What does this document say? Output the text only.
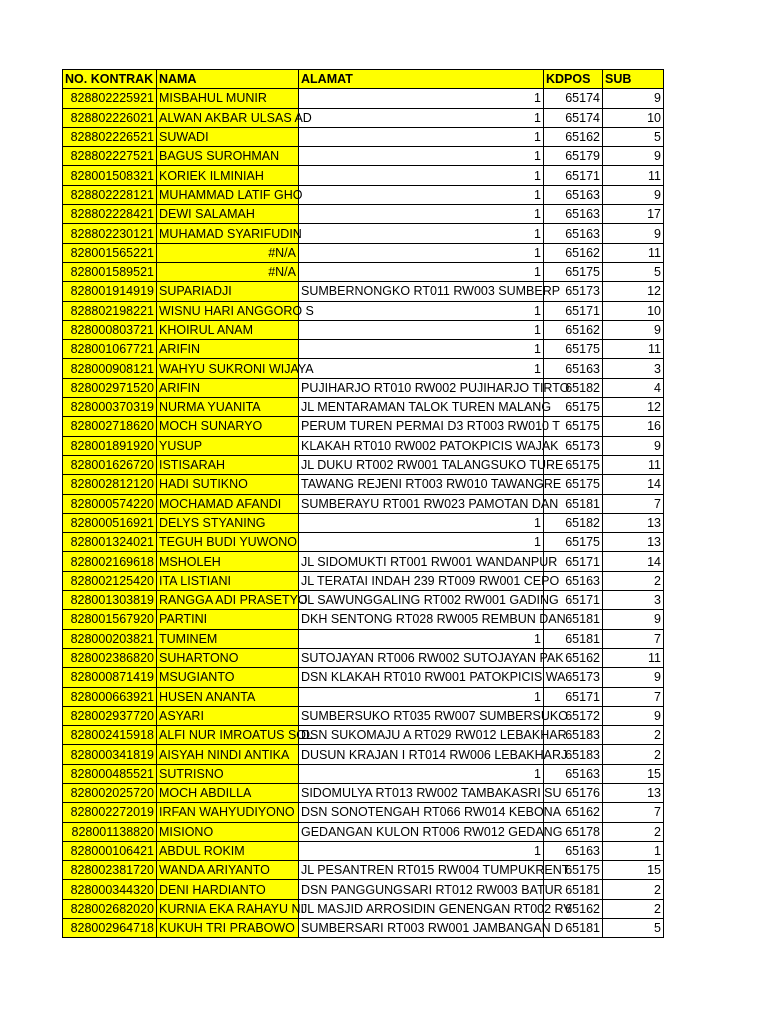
NO. KONTRAK	NAMA	ALAMAT	KDPOS	SUB
828802225921	MISBAHUL MUNIR	1	65174	9
828802226021	ALWAN AKBAR ULSAS AD	1	65174	10
828802226521	SUWADI	1	65162	5
828802227521	BAGUS SUROHMAN	1	65179	9
828001508321	KORIEK ILMINIAH	1	65171	11
828802228121	MUHAMMAD LATIF GHO	1	65163	9
828802228421	DEWI SALAMAH	1	65163	17
828802230121	MUHAMAD SYARIFUDIN	1	65163	9
828001565221	#N/A	1	65162	11
828001589521	#N/A	1	65175	5
828001914919	SUPARIADJI	SUMBERNONGKO RT011 RW003 SUMBERP	65173	12
828802198221	WISNU HARI ANGGORO S	1	65171	10
828000803721	KHOIRUL ANAM	1	65162	9
828001067721	ARIFIN	1	65175	11
828000908121	WAHYU SUKRONI WIJAYA	1	65163	3
828002971520	ARIFIN	PUJIHARJO RT010 RW002 PUJIHARJO TIRTO	65182	4
828000370319	NURMA YUANITA	JL MENTARAMAN TALOK TUREN MALANG	65175	12
828002718620	MOCH SUNARYO	PERUM TUREN PERMAI D3 RT003 RW010 T	65175	16
828001891920	YUSUP	KLAKAH RT010 RW002 PATOKPICIS WAJAK	65173	9
828001626720	ISTISARAH	JL DUKU RT002 RW001 TALANGSUKO TURE	65175	11
828002812120	HADI SUTIKNO	TAWANG REJENI RT003 RW010 TAWANGRE	65175	14
828000574220	MOCHAMAD AFANDI	SUMBERAYU RT001 RW023 PAMOTAN DAN	65181	7
828000516921	DELYS STYANING	1	65182	13
828001324021	TEGUH BUDI YUWONO	1	65175	13
828002169618	MSHOLEH	JL SIDOMUKTI RT001 RW001 WANDANPUR	65171	14
828002125420	ITA LISTIANI	JL TERATAI INDAH 239 RT009 RW001 CEPO	65163	2
828001303819	RANGGA ADI PRASETYO	JL SAWUNGGALING RT002 RW001 GADING	65171	3
828001567920	PARTINI	DKH SENTONG RT028 RW005 REMBUN DAN	65181	9
828000203821	TUMINEM	1	65181	7
828002386820	SUHARTONO	SUTOJAYAN RT006 RW002 SUTOJAYAN PAK	65162	11
828000871419	MSUGIANTO	DSN KLAKAH RT010 RW001 PATOKPICIS WA	65173	9
828000663921	HUSEN ANANTA	1	65171	7
828002937720	ASYARI	SUMBERSUKO RT035 RW007 SUMBERSUKO	65172	9
828002415918	ALFI NUR IMROATUS SOL	DSN SUKOMAJU A RT029 RW012 LEBAKHAR	65183	2
828000341819	AISYAH NINDI ANTIKA	DUSUN KRAJAN I RT014 RW006 LEBAKHARJ	65183	2
828000485521	SUTRISNO	1	65163	15
828002025720	MOCH ABDILLA	SIDOMULYA RT013 RW002 TAMBAKASRI SU	65176	13
828002272019	IRFAN WAHYUDIYONO	DSN SONOTENGAH RT066 RW014 KEBONA	65162	7
828001138820	MISIONO	GEDANGAN KULON RT006 RW012 GEDANG	65178	2
828000106421	ABDUL ROKIM	1	65163	1
828002381720	WANDA ARIYANTO	JL PESANTREN RT015 RW004 TUMPUKRENT	65175	15
828000344320	DENI HARDIANTO	DSN PANGGUNGSARI RT012 RW003 BATUR	65181	2
828002682020	KURNIA EKA RAHAYU NI	JL MASJID ARROSIDIN GENENGAN RT002 RV	65162	2
828002964718	KUKUH TRI PRABOWO	SUMBERSARI RT003 RW001 JAMBANGAN D	65181	5
